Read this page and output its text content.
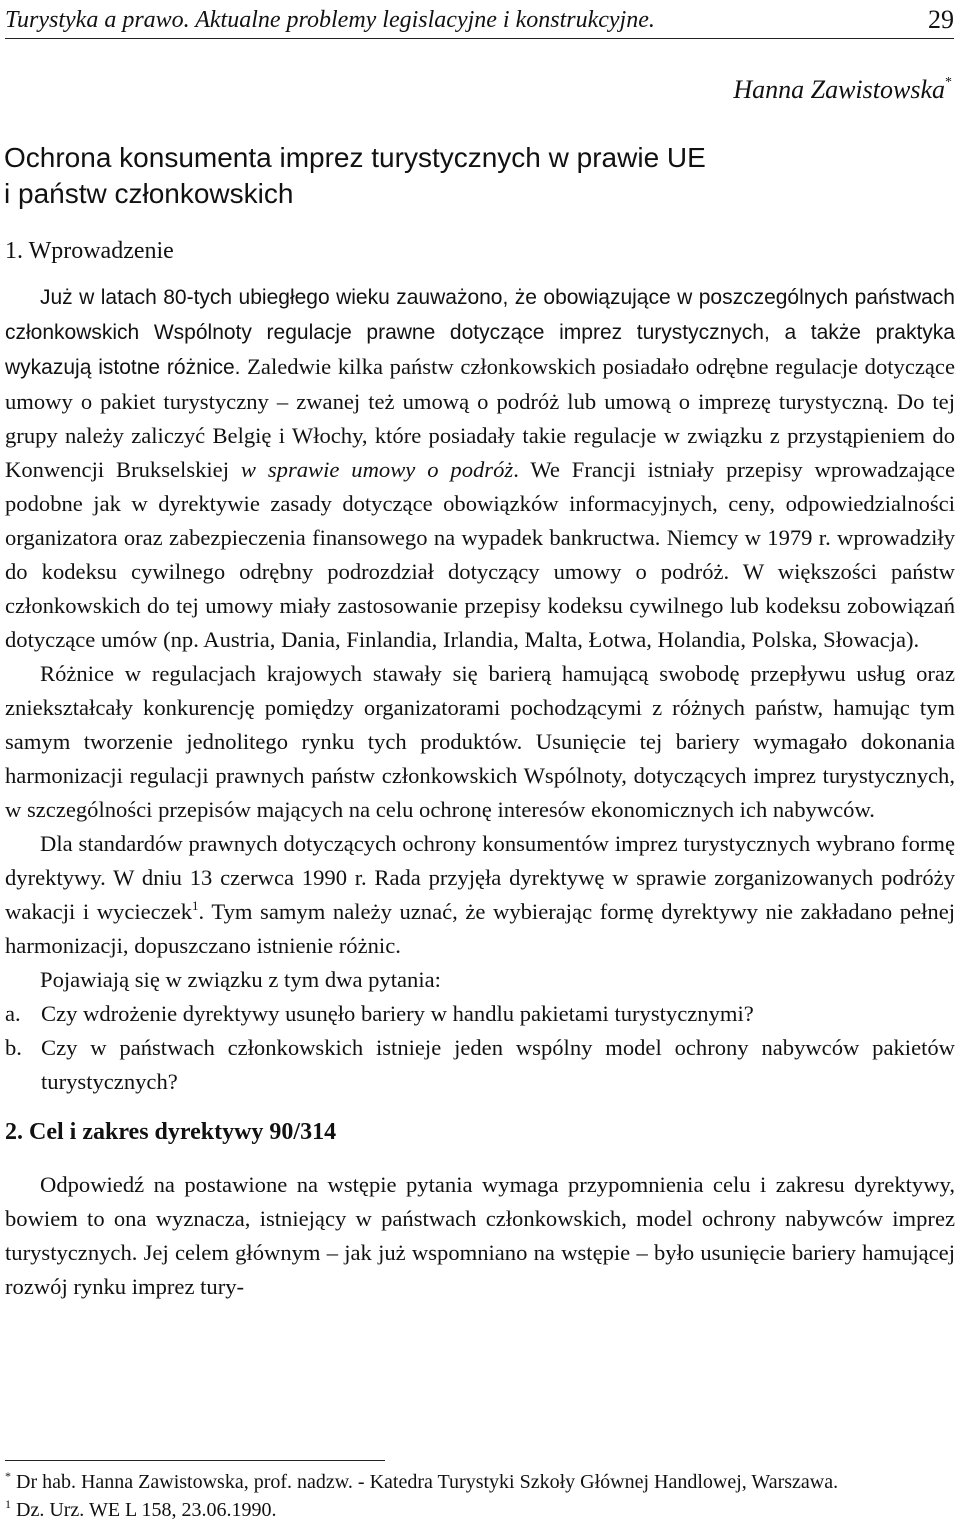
Turystyka a prawo. Aktualne problemy legislacyjne i konstrukcyjne.	29
Hanna Zawistowska*
Ochrona konsumenta imprez turystycznych w prawie UE
i państw członkowskich
1. Wprowadzenie

Już w latach 80-tych ubiegłego wieku zauważono, że obowiązujące w poszczególnych państwach członkowskich Wspólnoty regulacje prawne dotyczące imprez turystycznych, a także praktyka wykazują istotne różnice. Zaledwie kilka państw członkowskich posiadało odrębne regulacje dotyczące umowy o pakiet turystyczny – zwanej też umową o podróż lub umową o imprezę turystyczną. Do tej grupy należy zaliczyć Belgię i Włochy, które posiadały takie regulacje w związku z przystąpieniem do Konwencji Brukselskiej w sprawie umowy o podróż. We Francji istniały przepisy wprowadzające podobne jak w dyrektywie zasady dotyczące obowiązków informacyjnych, ceny, odpowiedzialności organizatora oraz zabezpieczenia finansowego na wypadek bankructwa. Niemcy w 1979 r. wprowadziły do kodeksu cywilnego odrębny podrozdział dotyczący umowy o podróż. W większości państw członkowskich do tej umowy miały zastosowanie przepisy kodeksu cywilnego lub kodeksu zobowiązań dotyczące umów (np. Austria, Dania, Finlandia, Irlandia, Malta, Łotwa, Holandia, Polska, Słowacja).

Różnice w regulacjach krajowych stawały się barierą hamującą swobodę przepływu usług oraz zniekształcały konkurencję pomiędzy organizatorami pochodzącymi z różnych państw, hamując tym samym tworzenie jednolitego rynku tych produktów. Usunięcie tej bariery wymagało dokonania harmonizacji regulacji prawnych państw członkowskich Wspólnoty, dotyczących imprez turystycznych, w szczególności przepisów mających na celu ochronę interesów ekonomicznych ich nabywców.

Dla standardów prawnych dotyczących ochrony konsumentów imprez turystycznych wybrano formę dyrektywy. W dniu 13 czerwca 1990 r. Rada przyjęła dyrektywę w sprawie zorganizowanych podróży wakacji i wycieczek$^1$. Tym samym należy uznać, że wybierając formę dyrektywy nie zakładano pełnej harmonizacji, dopuszczano istnienie różnic.

Pojawiają się w związku z tym dwa pytania:

a. Czy wdrożenie dyrektywy usunęło bariery w handlu pakietami turystycznymi?
b. Czy w państwach członkowskich istnieje jeden wspólny model ochrony nabywców pakietów turystycznych?
2. Cel i zakres dyrektywy 90/314

Odpowiedź na postawione na wstępie pytania wymaga przypomnienia celu i zakresu dyrektywy, bowiem to ona wyznacza, istniejący w państwach członkowskich, model ochrony nabywców imprez turystycznych. Jej celem głównym – jak już wspomniano na wstępie – było usunięcie bariery hamującej rozwój rynku imprez tury-

* Dr hab. Hanna Zawistowska, prof. nadzw. - Katedra Turystyki Szkoły Głównej Handlowej, Warszawa.

$^1$ Dz. Urz. WE L 158, 23.06.1990.
